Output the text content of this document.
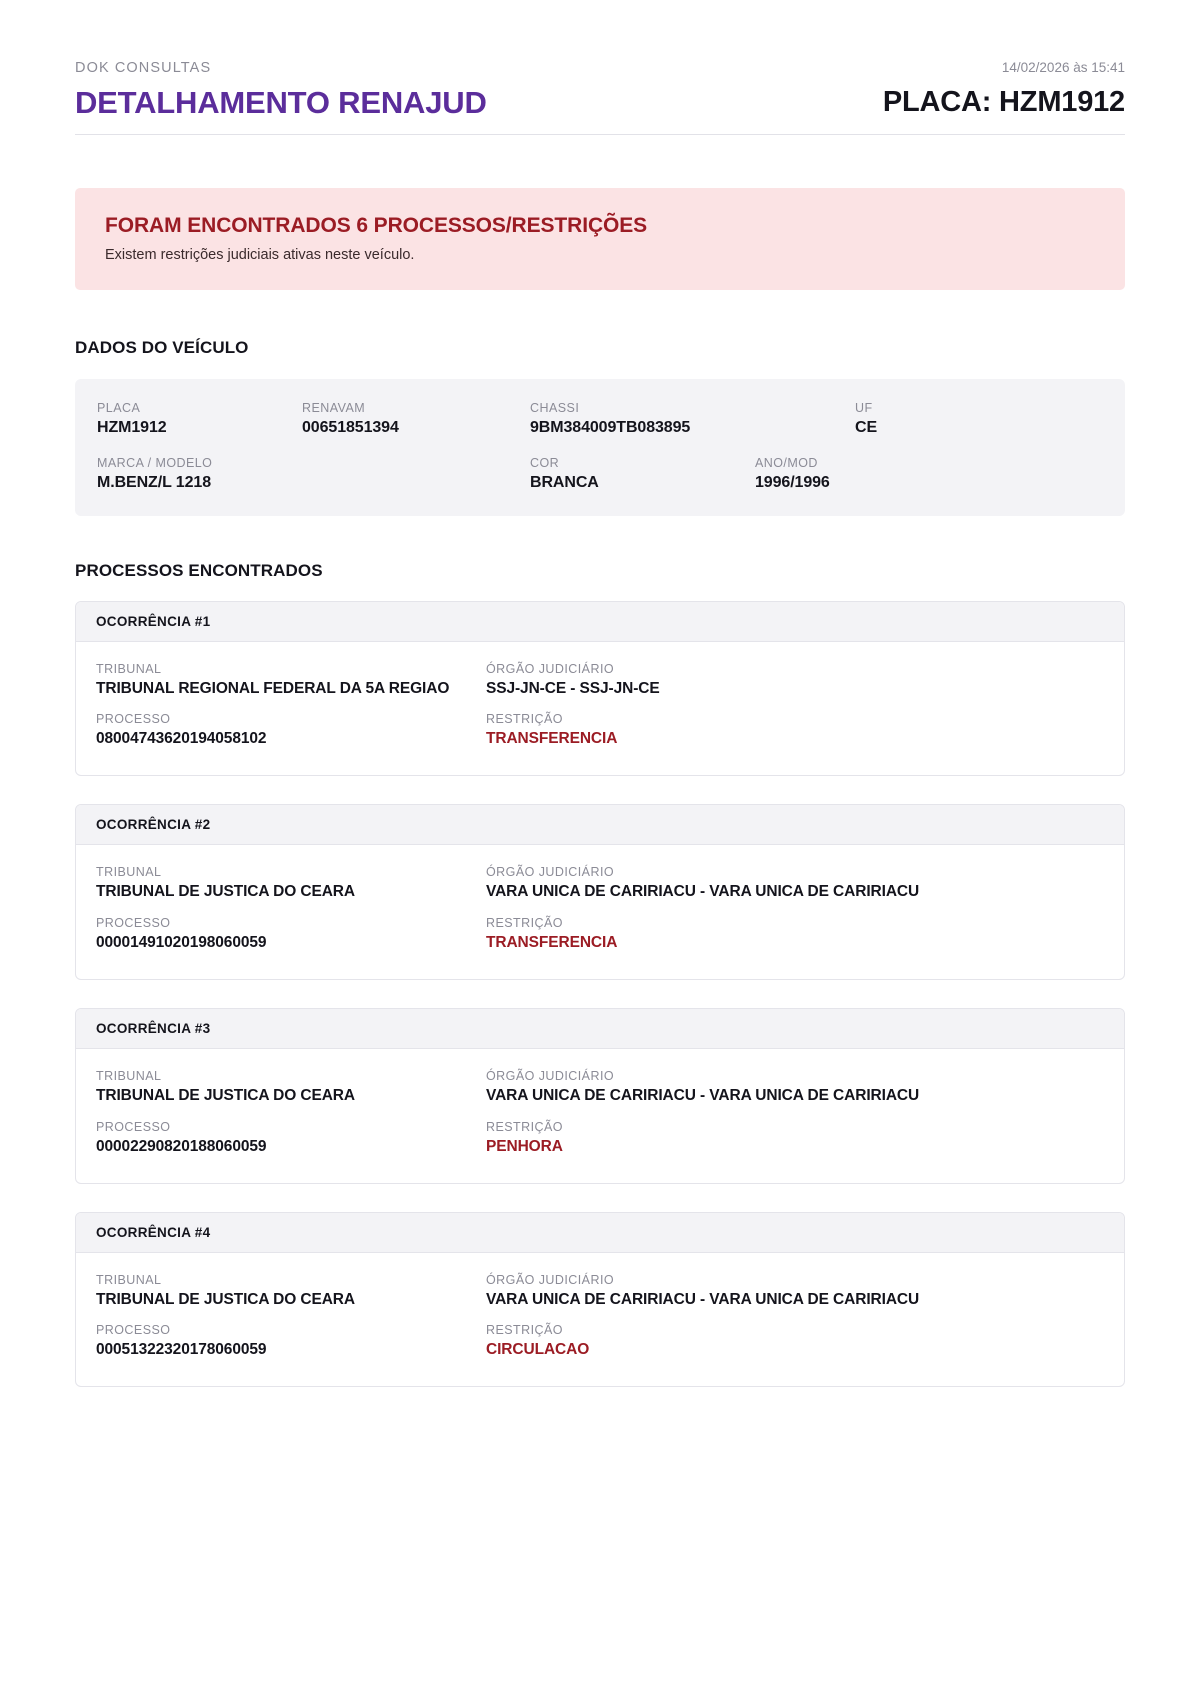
DOK CONSULTAS
DETALHAMENTO RENAJUD
14/02/2026 às 15:41
PLACA: HZM1912
FORAM ENCONTRADOS 6 PROCESSOS/RESTRIÇÕES
Existem restrições judiciais ativas neste veículo.
DADOS DO VEÍCULO
PLACA
HZM1912
RENAVAM
00651851394
CHASSI
9BM384009TB083895
UF
CE
MARCA / MODELO
M.BENZ/L 1218
COR
BRANCA
ANO/MOD
1996/1996
PROCESSOS ENCONTRADOS
OCORRÊNCIA #1
TRIBUNAL
TRIBUNAL REGIONAL FEDERAL DA 5A REGIAO
ÓRGÃO JUDICIÁRIO
SSJ-JN-CE - SSJ-JN-CE
PROCESSO
08004743620194058102
RESTRIÇÃO
TRANSFERENCIA
OCORRÊNCIA #2
TRIBUNAL
TRIBUNAL DE JUSTICA DO CEARA
ÓRGÃO JUDICIÁRIO
VARA UNICA DE CARIRIACU - VARA UNICA DE CARIRIACU
PROCESSO
00001491020198060059
RESTRIÇÃO
TRANSFERENCIA
OCORRÊNCIA #3
TRIBUNAL
TRIBUNAL DE JUSTICA DO CEARA
ÓRGÃO JUDICIÁRIO
VARA UNICA DE CARIRIACU - VARA UNICA DE CARIRIACU
PROCESSO
00002290820188060059
RESTRIÇÃO
PENHORA
OCORRÊNCIA #4
TRIBUNAL
TRIBUNAL DE JUSTICA DO CEARA
ÓRGÃO JUDICIÁRIO
VARA UNICA DE CARIRIACU - VARA UNICA DE CARIRIACU
PROCESSO
00051322320178060059
RESTRIÇÃO
CIRCULACAO
